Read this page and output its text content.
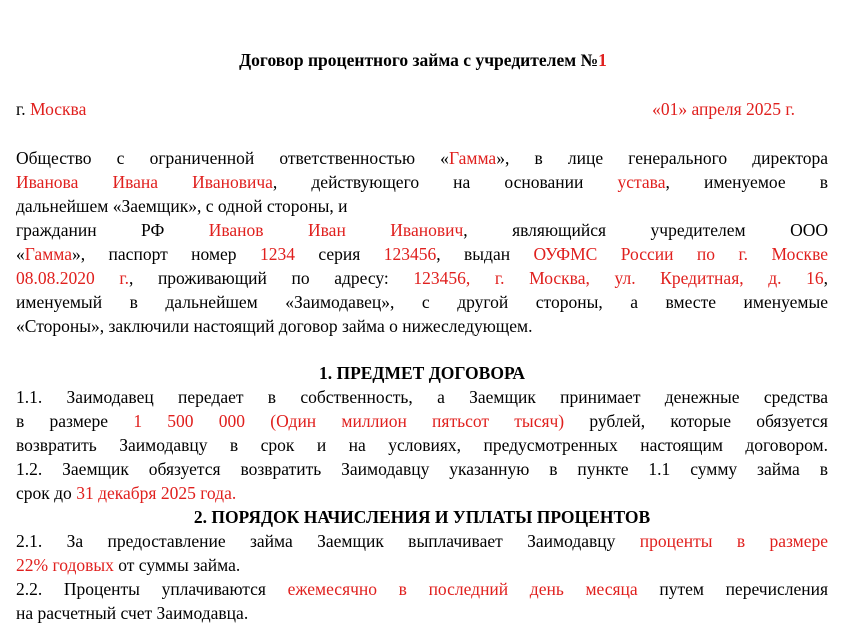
Договор процентного займа с учредителем №1
г. Москва	«01» апреля 2025 г.
Общество с ограниченной ответственностью «Гамма», в лице генерального директора
Иванова Ивана Ивановича, действующего на основании устава, именуемое в
дальнейшем «Заемщик», с одной стороны, и
гражданин РФ Иванов Иван Иванович, являющийся учредителем ООО
«Гамма», паспорт номер 1234 серия 123456, выдан ОУФМС России по г. Москве
08.08.2020 г., проживающий по адресу: 123456, г. Москва, ул. Кредитная, д. 16,
именуемый в дальнейшем «Заимодавец», с другой стороны, а вместе именуемые
«Стороны», заключили настоящий договор займа о нижеследующем.
1. ПРЕДМЕТ ДОГОВОРА
1.1. Заимодавец передает в собственность, а Заемщик принимает денежные средства
в размере 1 500 000 (Один миллион пятьсот тысяч) рублей, которые обязуется
возвратить Заимодавцу в срок и на условиях, предусмотренных настоящим договором.
1.2. Заемщик обязуется возвратить Заимодавцу указанную в пункте 1.1 сумму займа в
срок до 31 декабря 2025 года.
2. ПОРЯДОК НАЧИСЛЕНИЯ И УПЛАТЫ ПРОЦЕНТОВ
2.1. За предоставление займа Заемщик выплачивает Заимодавцу проценты в размере
22% годовых от суммы займа.
2.2. Проценты уплачиваются ежемесячно в последний день месяца путем перечисления
на расчетный счет Заимодавца.
